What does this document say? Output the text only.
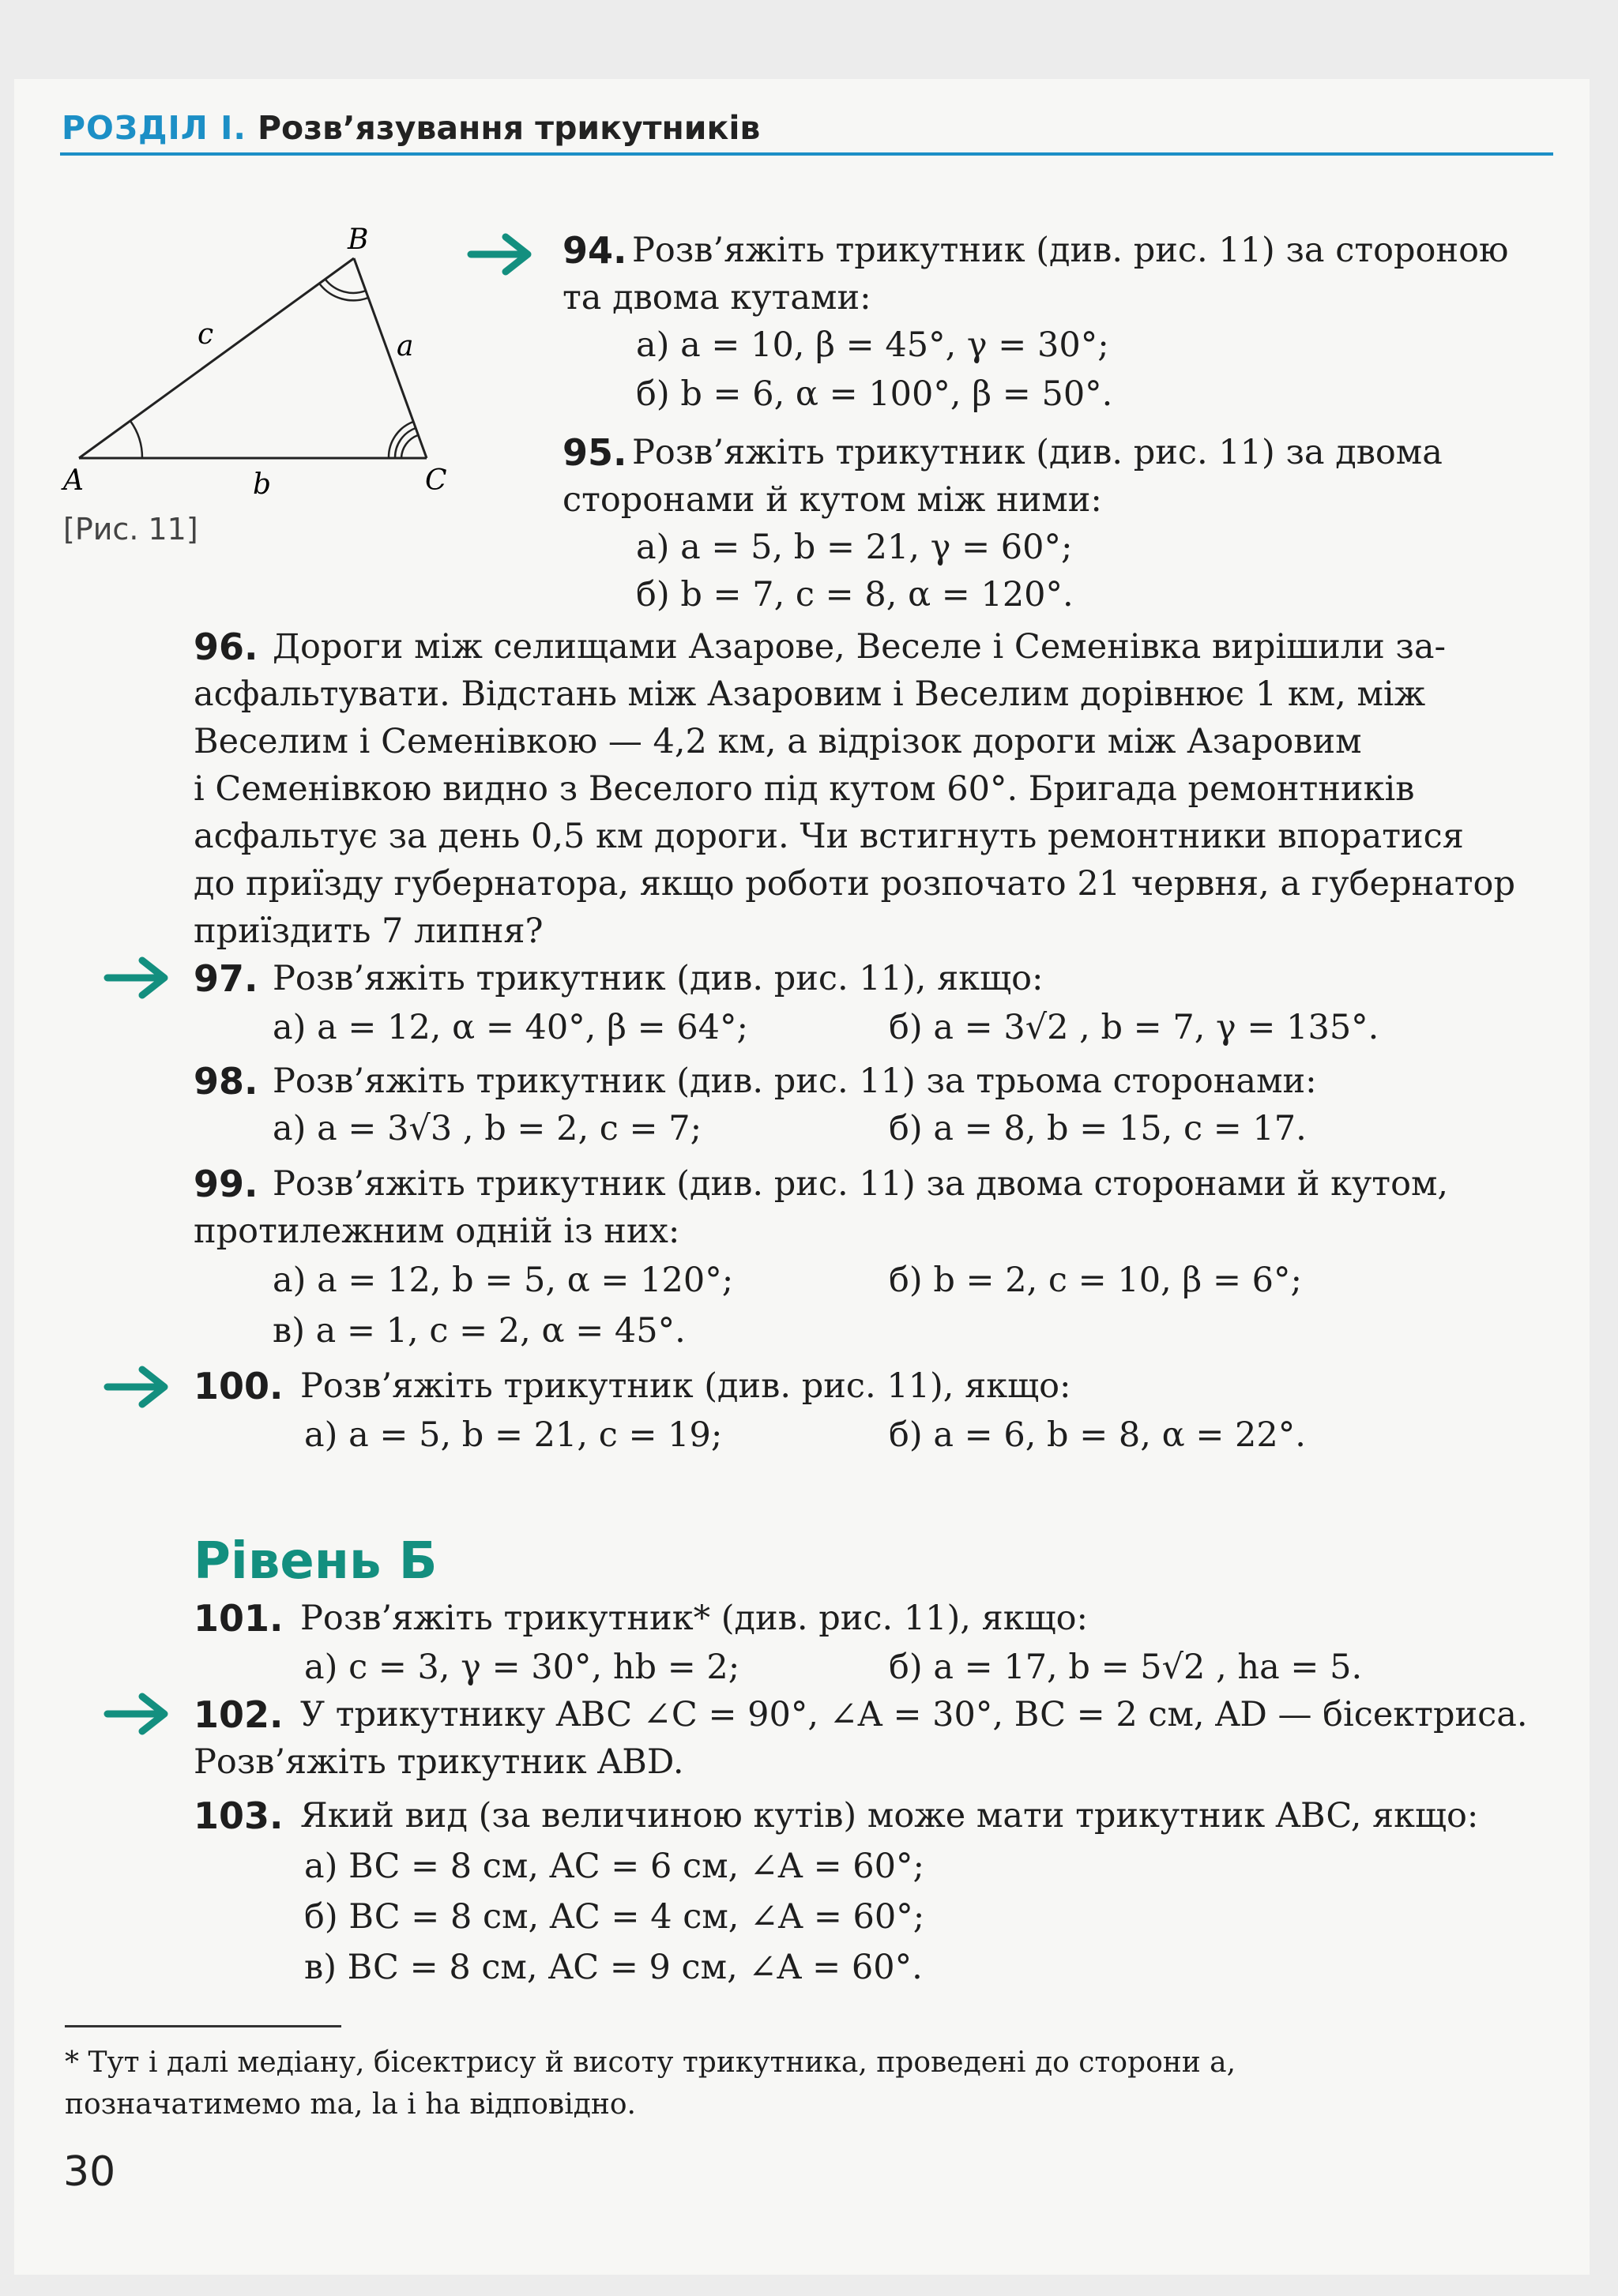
РОЗДІЛ І. Розв’язування трикутників
B
A	C
a
b
c
[Рис. 11]
94. Розв’яжіть трикутник (див. рис. 11) за стороною
та двома кутами:
а) a = 10, β = 45°, γ = 30°;
б) b = 6, α = 100°, β = 50°.
95. Розв’яжіть трикутник (див. рис. 11) за двома
сторонами й кутом між ними:
а) a = 5, b = 21, γ = 60°;
б) b = 7, c = 8, α = 120°.
96. Дороги між селищами Азарове, Веселе і Семенівка вирішили за-
асфальтувати. Відстань між Азаровим і Веселим дорівнює 1 км, між
Веселим і Семенівкою — 4,2 км, а відрізок дороги між Азаровим
і Семенівкою видно з Веселого під кутом 60°. Бригада ремонтників
асфальтує за день 0,5 км дороги. Чи встигнуть ремонтники впоратися
до приїзду губернатора, якщо роботи розпочато 21 червня, а губернатор
приїздить 7 липня?
97. Розв’яжіть трикутник (див. рис. 11), якщо:
а) a = 12, α = 40°, β = 64°;	б) a = 3√2 , b = 7, γ = 135°.
98. Розв’яжіть трикутник (див. рис. 11) за трьома сторонами:
а) a = 3√3 , b = 2, c = 7;	б) a = 8, b = 15, c = 17.
99. Розв’яжіть трикутник (див. рис. 11) за двома сторонами й кутом,
протилежним одній із них:
а) a = 12, b = 5, α = 120°;	б) b = 2, c = 10, β = 6°;
в) a = 1, c = 2, α = 45°.
100. Розв’яжіть трикутник (див. рис. 11), якщо:
а) a = 5, b = 21, c = 19;	б) a = 6, b = 8, α = 22°.
Рівень Б
101. Розв’яжіть трикутник* (див. рис. 11), якщо:
а) c = 3, γ = 30°, hb = 2;	б) a = 17, b = 5√2 , ha = 5.
102. У трикутнику ABC ∠C = 90°, ∠A = 30°, BC = 2 см, AD — бісектриса.
Розв’яжіть трикутник ABD.
103. Який вид (за величиною кутів) може мати трикутник ABC, якщо:
а) BC = 8 см, AC = 6 см, ∠A = 60°;
б) BC = 8 см, AC = 4 см, ∠A = 60°;
в) BC = 8 см, AC = 9 см, ∠A = 60°.
* Тут і далі медіану, бісектрису й висоту трикутника, проведені до сторони a,
позначатимемо ma, la і ha відповідно.
30
